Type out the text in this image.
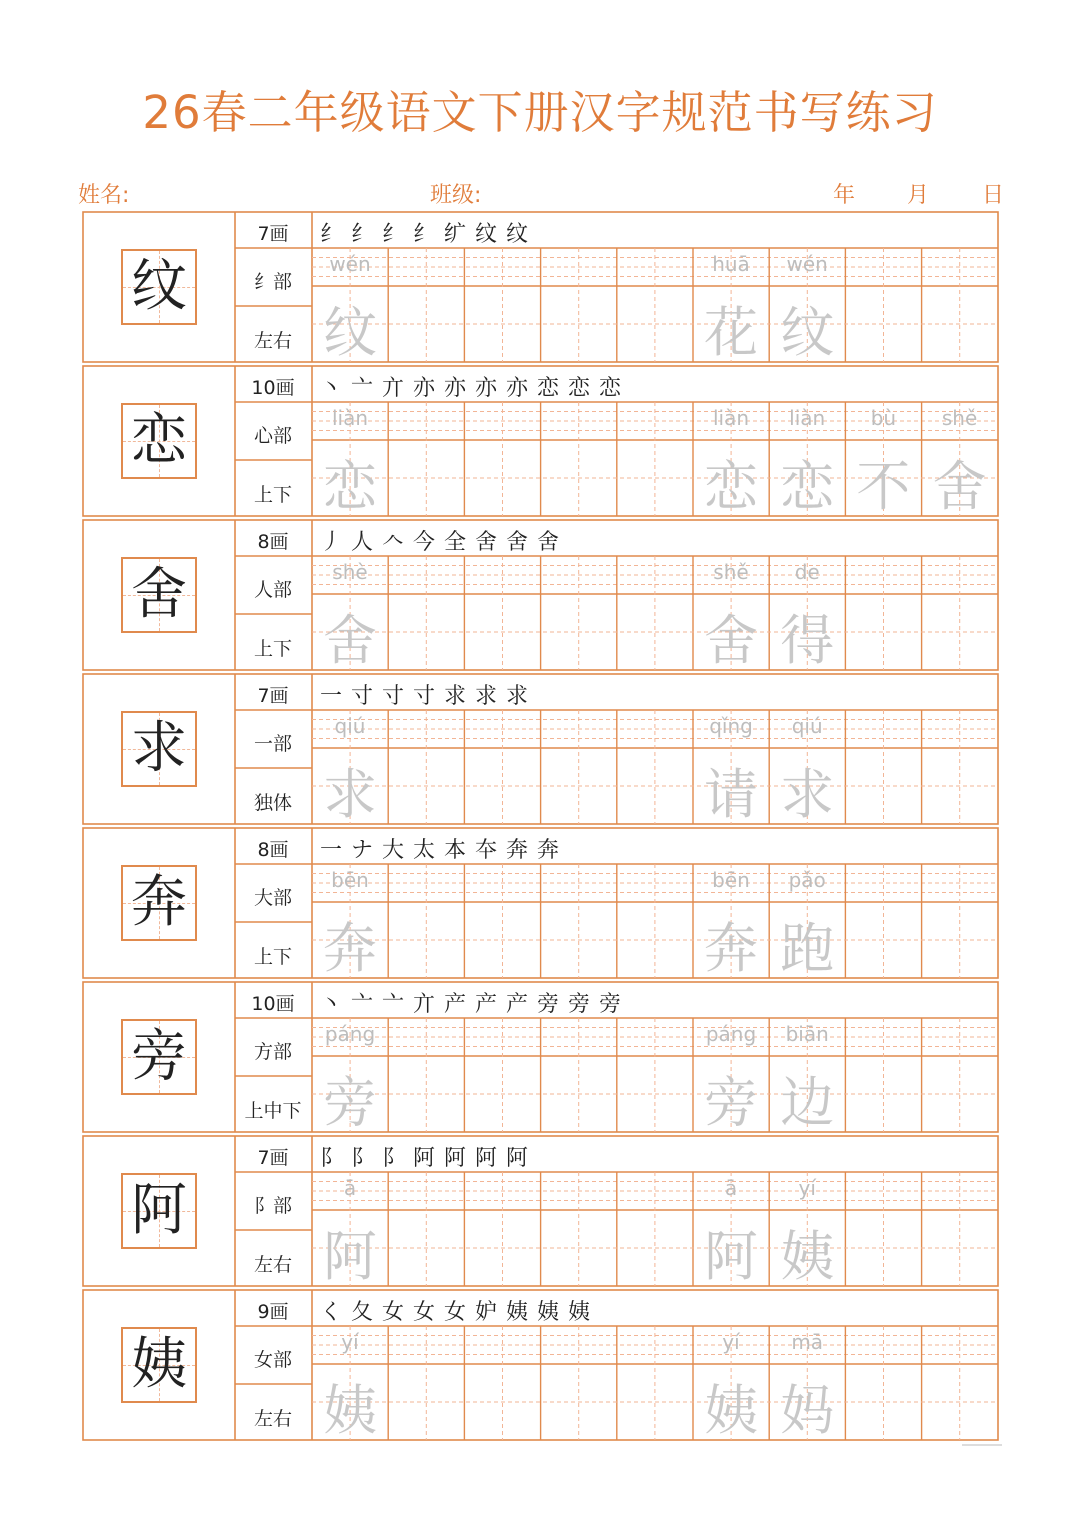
26春二年级语文下册汉字规范书写练习
姓名:	班级:	年 月 日
纹
7画
纟部
左右
纟纟纟纟纩纹纹
wén
纹
huā
花
wén
纹
恋
10画
心部
上下
丶亠亣亦亦亦亦恋恋恋
liàn
恋
liàn
恋
liàn
恋
bù
不
shě
舍
舍
8画
人部
上下
丿人𠆢今全舍舍舍
shè
舍
shě
舍
de
得
求
7画
一部
独体
一寸寸寸求求求
qiú
求
qǐng
请
qiú
求
奔
8画
大部
上下
一ナ大太本夲奔奔
bēn
奔
bēn
奔
pǎo
跑
旁
10画
方部
上中下
丶亠亠亣产产产旁旁旁
páng
旁
páng
旁
biān
边
阿
7画
阝部
左右
阝阝阝阿阿阿阿
ā
阿
ā
阿
yí
姨
姨
9画
女部
左右
く夂女女女妒姨姨姨
yí
姨
yí
姨
mā
妈
